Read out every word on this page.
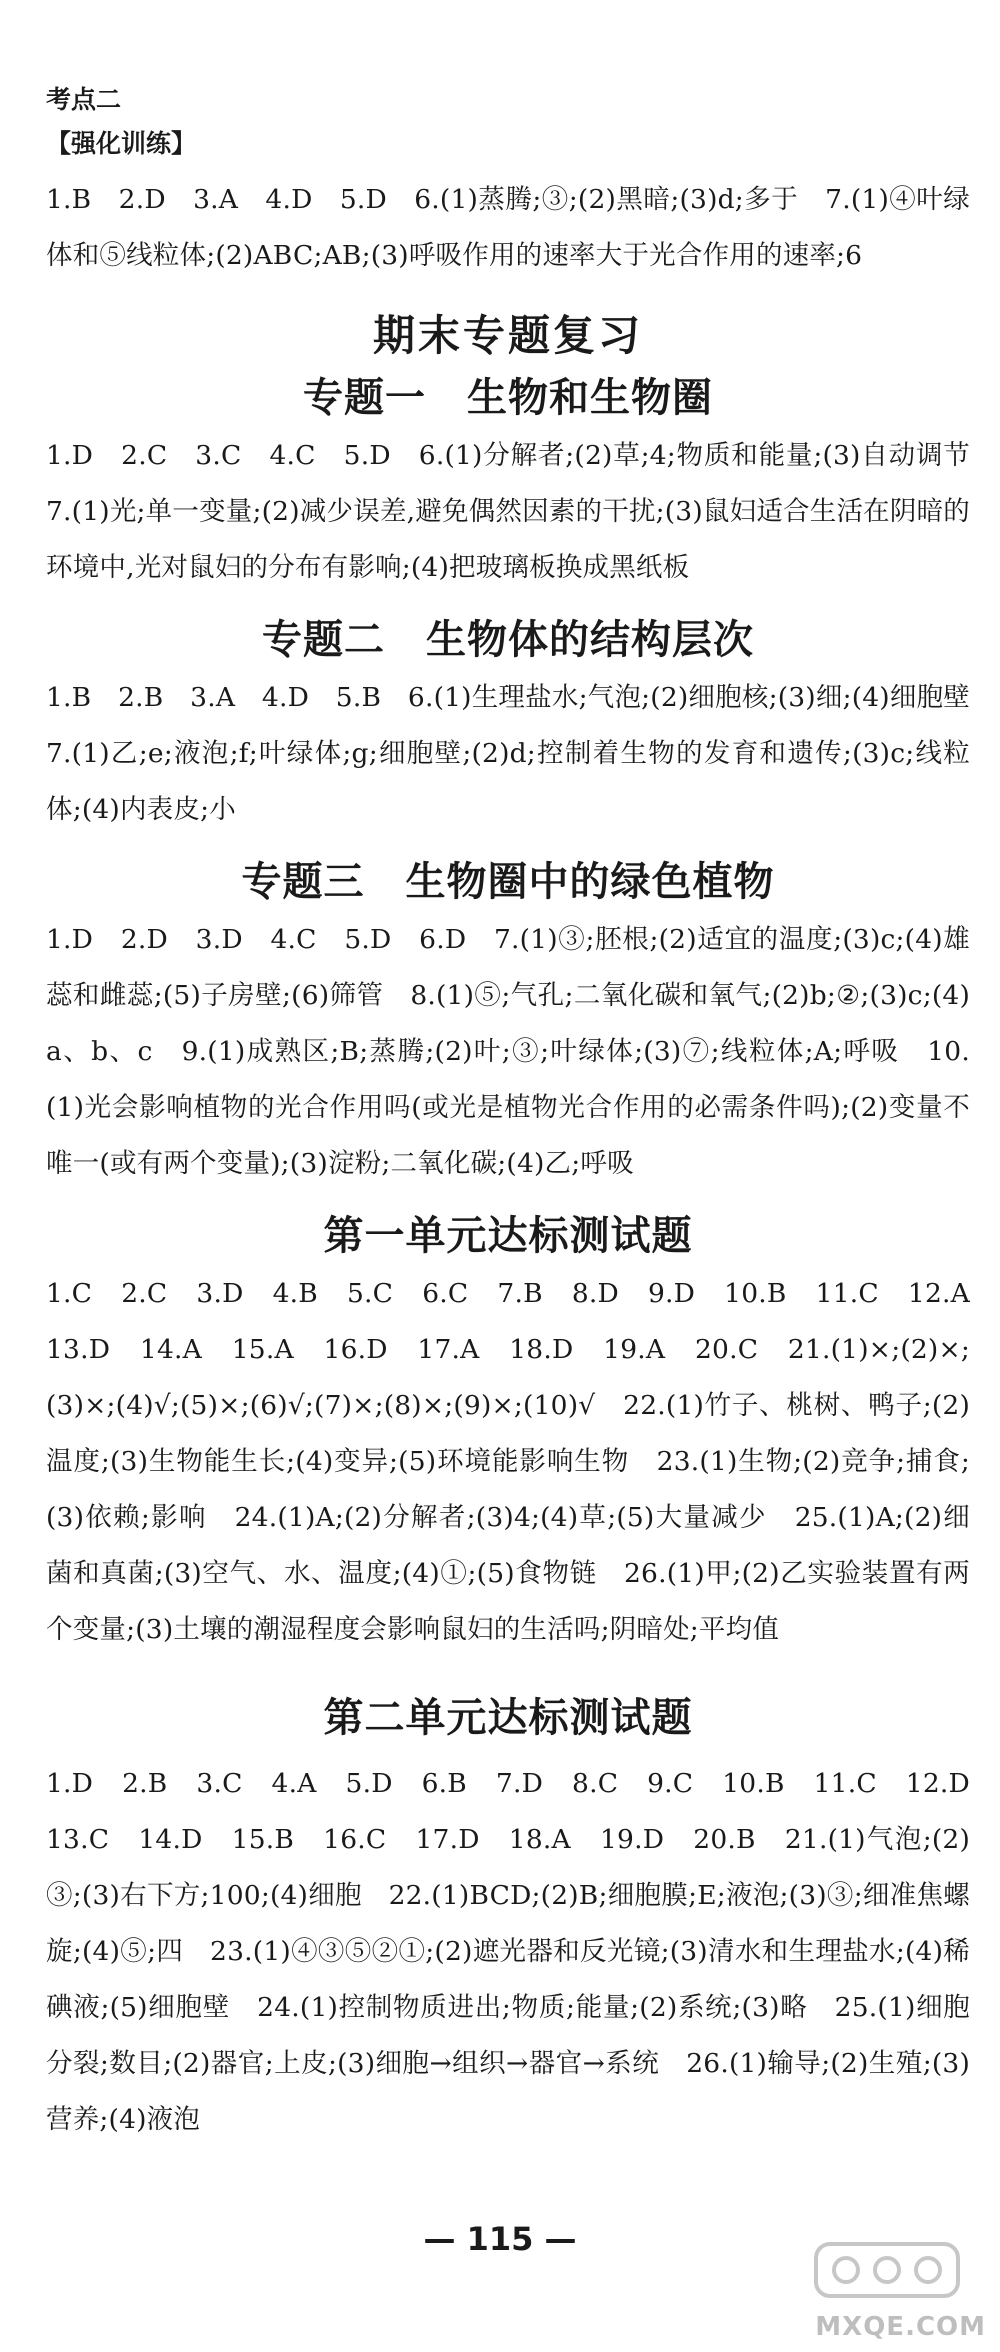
考点二

【强化训练】

1.B　2.D　3.A　4.D　5.D　6.(1)蒸腾;③;(2)黑暗;(3)d;多于　7.(1)④叶绿体和⑤线粒体;(2)ABC;AB;(3)呼吸作用的速率大于光合作用的速率;6

期末专题复习
专题一　生物和生物圈

1.D　2.C　3.C　4.C　5.D　6.(1)分解者;(2)草;4;物质和能量;(3)自动调节　7.(1)光;单一变量;(2)减少误差,避免偶然因素的干扰;(3)鼠妇适合生活在阴暗的环境中,光对鼠妇的分布有影响;(4)把玻璃板换成黑纸板

专题二　生物体的结构层次

1.B　2.B　3.A　4.D　5.B　6.(1)生理盐水;气泡;(2)细胞核;(3)细;(4)细胞壁　7.(1)乙;e;液泡;f;叶绿体;g;细胞壁;(2)d;控制着生物的发育和遗传;(3)c;线粒体;(4)内表皮;小

专题三　生物圈中的绿色植物

1.D　2.D　3.D　4.C　5.D　6.D　7.(1)③;胚根;(2)适宜的温度;(3)c;(4)雄蕊和雌蕊;(5)子房壁;(6)筛管　8.(1)⑤;气孔;二氧化碳和氧气;(2)b;②;(3)c;(4)a、b、c　9.(1)成熟区;B;蒸腾;(2)叶;③;叶绿体;(3)⑦;线粒体;A;呼吸　10.(1)光会影响植物的光合作用吗(或光是植物光合作用的必需条件吗);(2)变量不唯一(或有两个变量);(3)淀粉;二氧化碳;(4)乙;呼吸

第一单元达标测试题

1.C　2.C　3.D　4.B　5.C　6.C　7.B　8.D　9.D　10.B　11.C　12.A　13.D　14.A　15.A　16.D　17.A　18.D　19.A　20.C　21.(1)×;(2)×;(3)×;(4)√;(5)×;(6)√;(7)×;(8)×;(9)×;(10)√　22.(1)竹子、桃树、鸭子;(2)温度;(3)生物能生长;(4)变异;(5)环境能影响生物　23.(1)生物;(2)竞争;捕食;(3)依赖;影响　24.(1)A;(2)分解者;(3)4;(4)草;(5)大量减少　25.(1)A;(2)细菌和真菌;(3)空气、水、温度;(4)①;(5)食物链　26.(1)甲;(2)乙实验装置有两个变量;(3)土壤的潮湿程度会影响鼠妇的生活吗;阴暗处;平均值

第二单元达标测试题

1.D　2.B　3.C　4.A　5.D　6.B　7.D　8.C　9.C　10.B　11.C　12.D　13.C　14.D　15.B　16.C　17.D　18.A　19.D　20.B　21.(1)气泡;(2)③;(3)右下方;100;(4)细胞　22.(1)BCD;(2)B;细胞膜;E;液泡;(3)③;细准焦螺旋;(4)⑤;四　23.(1)④③⑤②①;(2)遮光器和反光镜;(3)清水和生理盐水;(4)稀碘液;(5)细胞壁　24.(1)控制物质进出;物质;能量;(2)系统;(3)略　25.(1)细胞分裂;数目;(2)器官;上皮;(3)细胞→组织→器官→系统　26.(1)输导;(2)生殖;(3)营养;(4)液泡

— 115 —
MXQE.COM
